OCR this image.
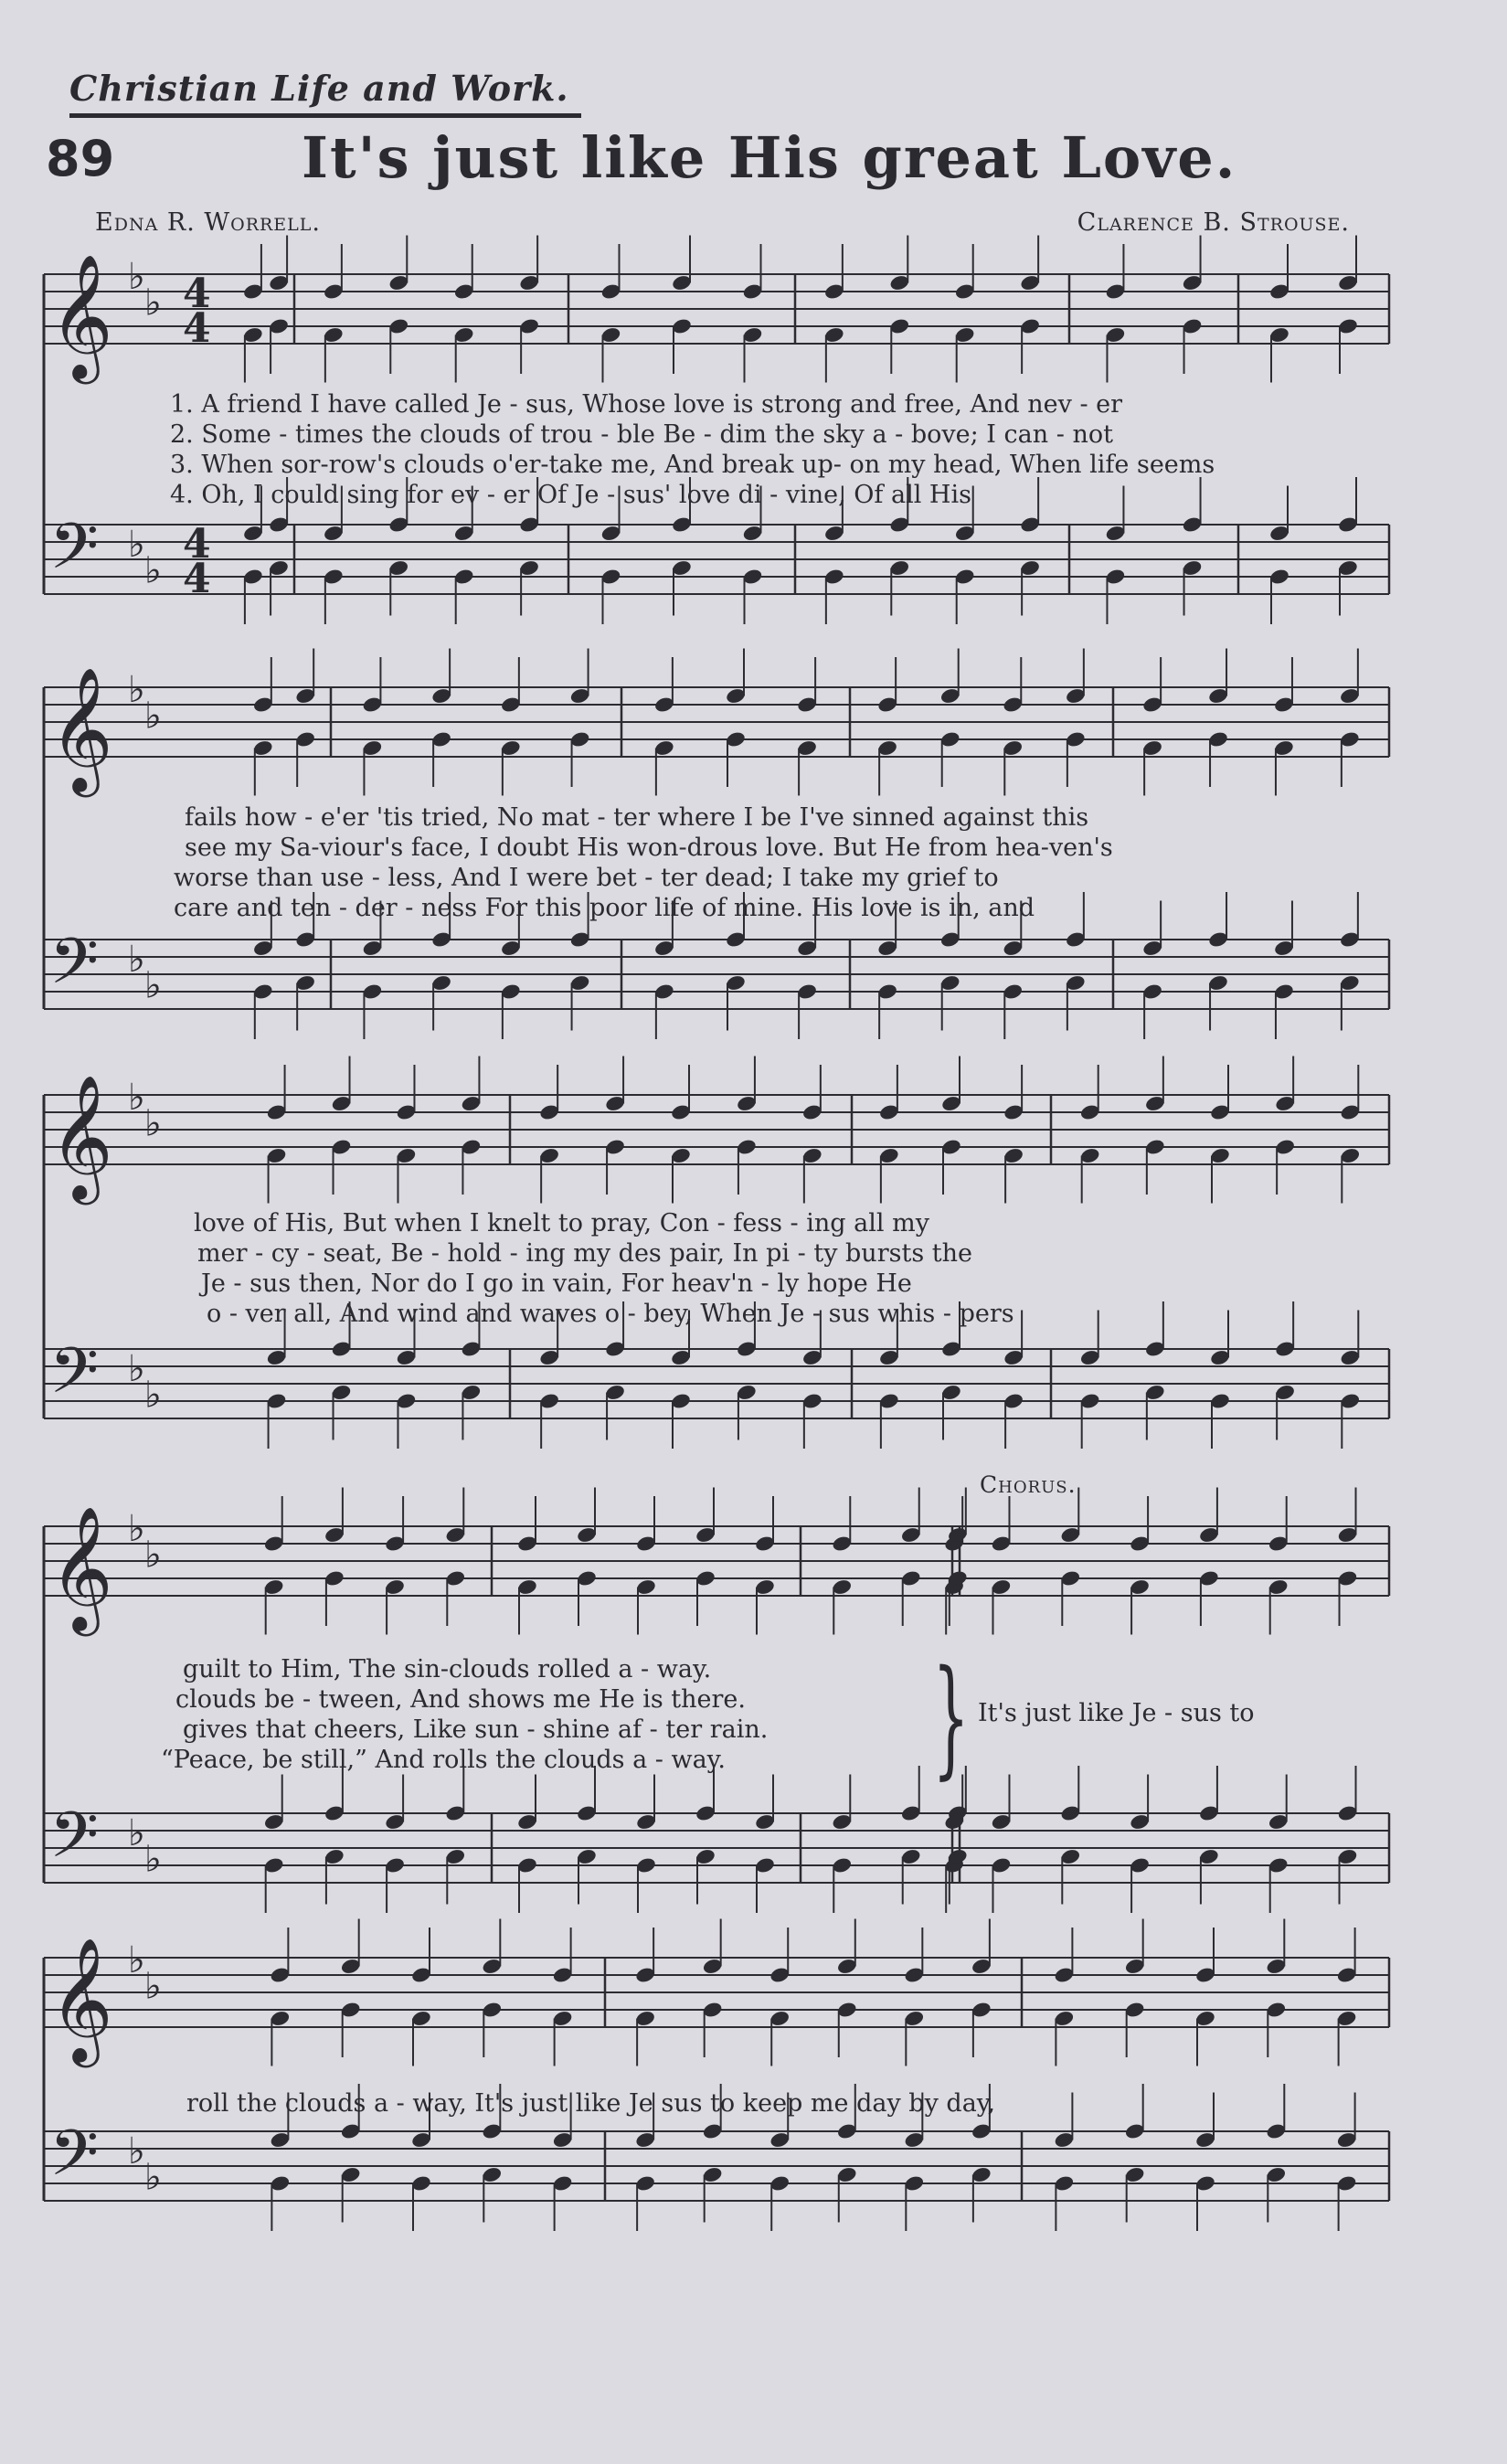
Christian Life and Work.
89	It's just like His great Love.
Edna R. Worrell.	Clarence B. Strouse.
𝄞 ♭
♭ 4
4
𝄢 ♭
♭
4
4
𝄞 ♭
♭
𝄢 ♭
♭
𝄞 ♭
♭
𝄢 ♭
♭
𝄞 ♭
♭
𝄢 ♭
♭
𝄞 ♭
♭
𝄢 ♭
♭
1. A friend I have called Je - sus, Whose love is strong and free, And nev - er
2. Some - times the clouds of trou - ble Be - dim the sky a - bove; I can - not
3. When sor-row's clouds o'er-take me, And break up- on my head, When life seems
4. Oh, I could sing for ev - er Of Je - sus' love di - vine, Of all His
fails how - e'er 'tis tried, No mat - ter where I be I've sinned against this
see my Sa-viour's face, I doubt His won-drous love. But He from hea-ven's
worse than use - less, And I were bet - ter dead; I take my grief to
care and ten - der - ness For this poor life of mine. His love is in, and
love of His, But when I knelt to pray, Con - fess - ing all my
mer - cy - seat, Be - hold - ing my des pair, In pi - ty bursts the
Je - sus then, Nor do I go in vain, For heav'n - ly hope He
o - ver all, And wind and waves o - bey, When Je - sus whis - pers
Chorus.
guilt to Him, The sin-clouds rolled a - way.
clouds be - tween, And shows me He is there.
gives that cheers, Like sun - shine af - ter rain.
“Peace, be still,” And rolls the clouds a - way. } It's just like Je - sus to
roll the clouds a - way, It's just like Je sus to keep me day by day,
